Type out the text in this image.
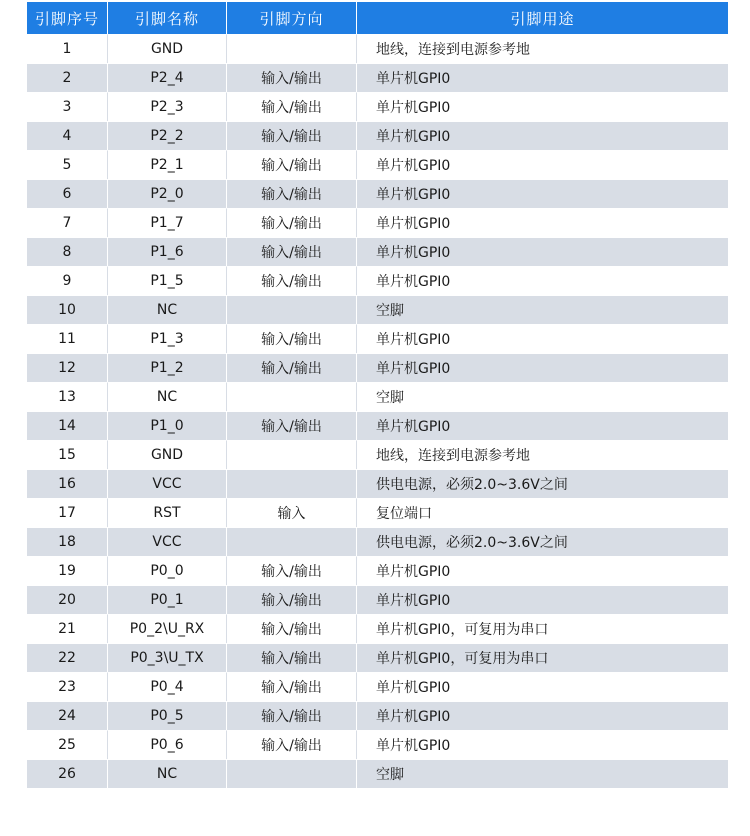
引脚序号	引脚名称	引脚方向	引脚用途
1	GND		地线，连接到电源参考地
2	P2_4	输入/输出	单片机GPI0
3	P2_3	输入/输出	单片机GPI0
4	P2_2	输入/输出	单片机GPI0
5	P2_1	输入/输出	单片机GPI0
6	P2_0	输入/输出	单片机GPI0
7	P1_7	输入/输出	单片机GPI0
8	P1_6	输入/输出	单片机GPI0
9	P1_5	输入/输出	单片机GPI0
10	NC		空脚
11	P1_3	输入/输出	单片机GPI0
12	P1_2	输入/输出	单片机GPI0
13	NC		空脚
14	P1_0	输入/输出	单片机GPI0
15	GND		地线，连接到电源参考地
16	VCC		供电电源，必须2.0~3.6V之间
17	RST	输入	复位端口
18	VCC		供电电源，必须2.0~3.6V之间
19	P0_0	输入/输出	单片机GPI0
20	P0_1	输入/输出	单片机GPI0
21	P0_2\U_RX	输入/输出	单片机GPI0，可复用为串口
22	P0_3\U_TX	输入/输出	单片机GPI0，可复用为串口
23	P0_4	输入/输出	单片机GPI0
24	P0_5	输入/输出	单片机GPI0
25	P0_6	输入/输出	单片机GPI0
26	NC		空脚
